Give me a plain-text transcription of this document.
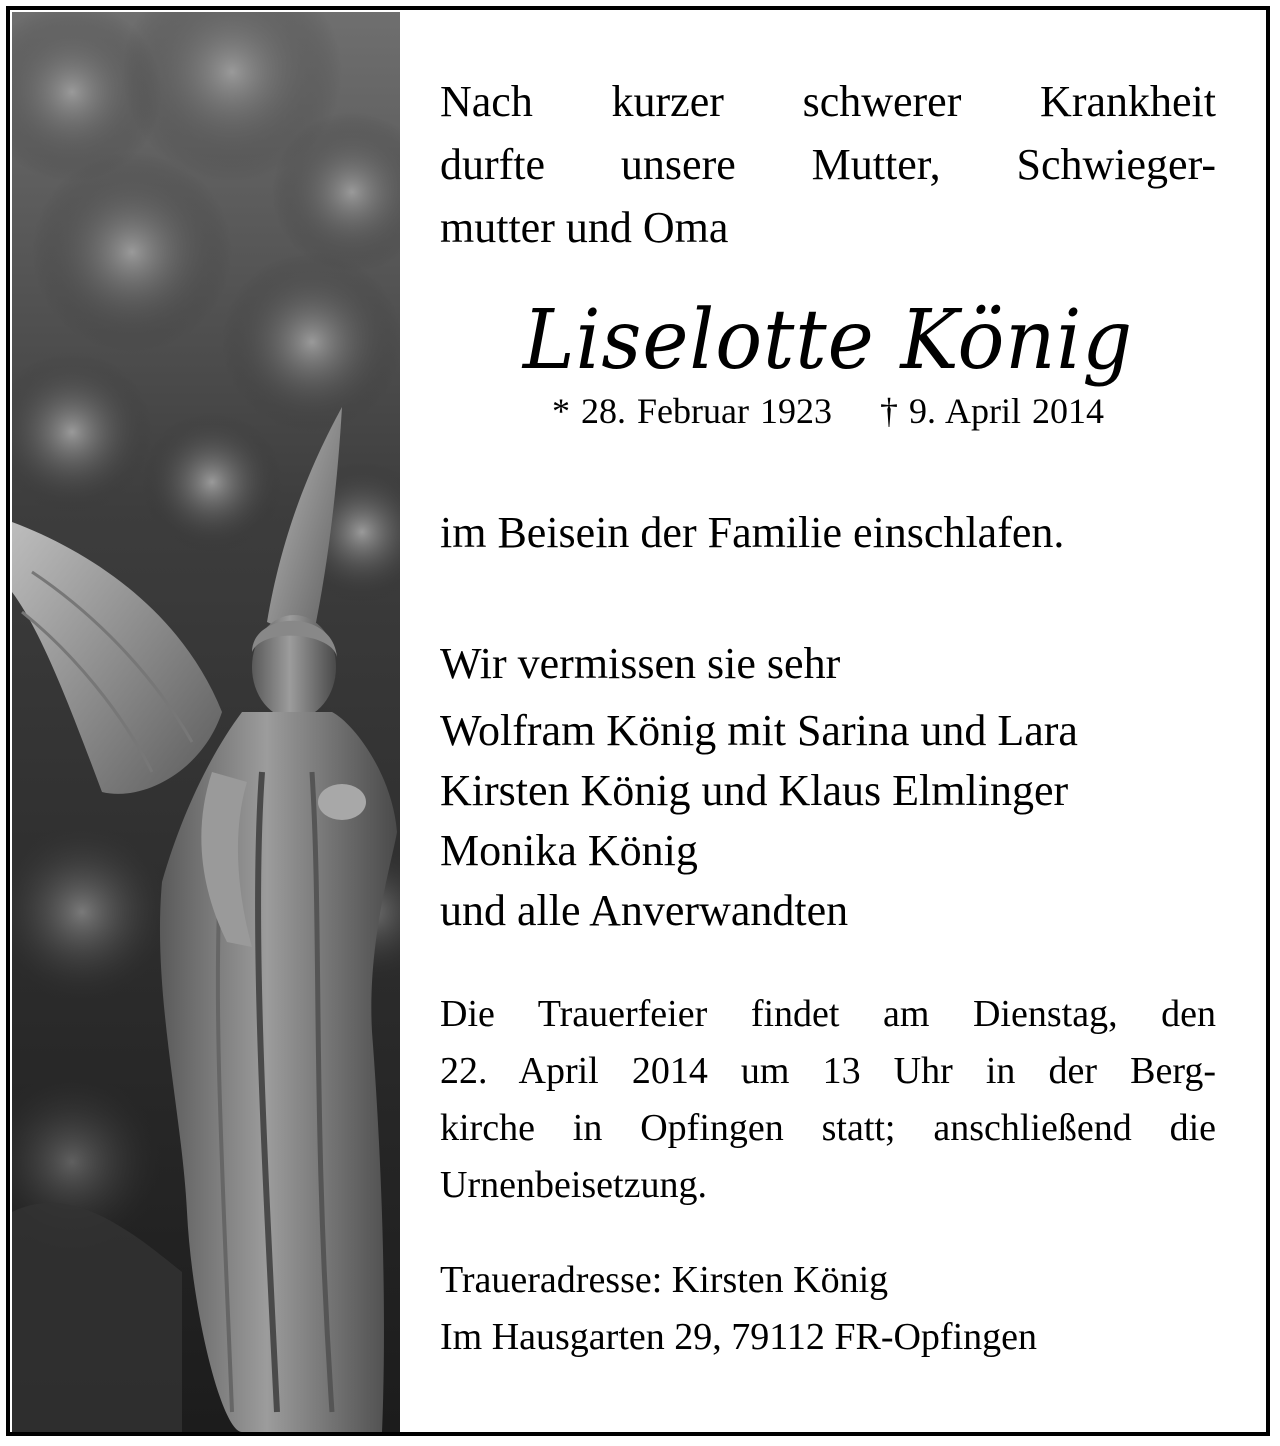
Nach kurzer schwerer Krankheit
durfte unsere Mutter, Schwieger-
mutter und Oma
Liselotte König
* 28. Februar 1923 † 9. April 2014
im Beisein der Familie einschlafen.
Wir vermissen sie sehr
Wolfram König mit Sarina und Lara
Kirsten König und Klaus Elmlinger
Monika König
und alle Anverwandten
Die Trauerfeier findet am Dienstag, den
22. April 2014 um 13 Uhr in der Berg-
kirche in Opfingen statt; anschließend die
Urnenbeisetzung.
Traueradresse: Kirsten König
Im Hausgarten 29, 79112 FR-Opfingen
